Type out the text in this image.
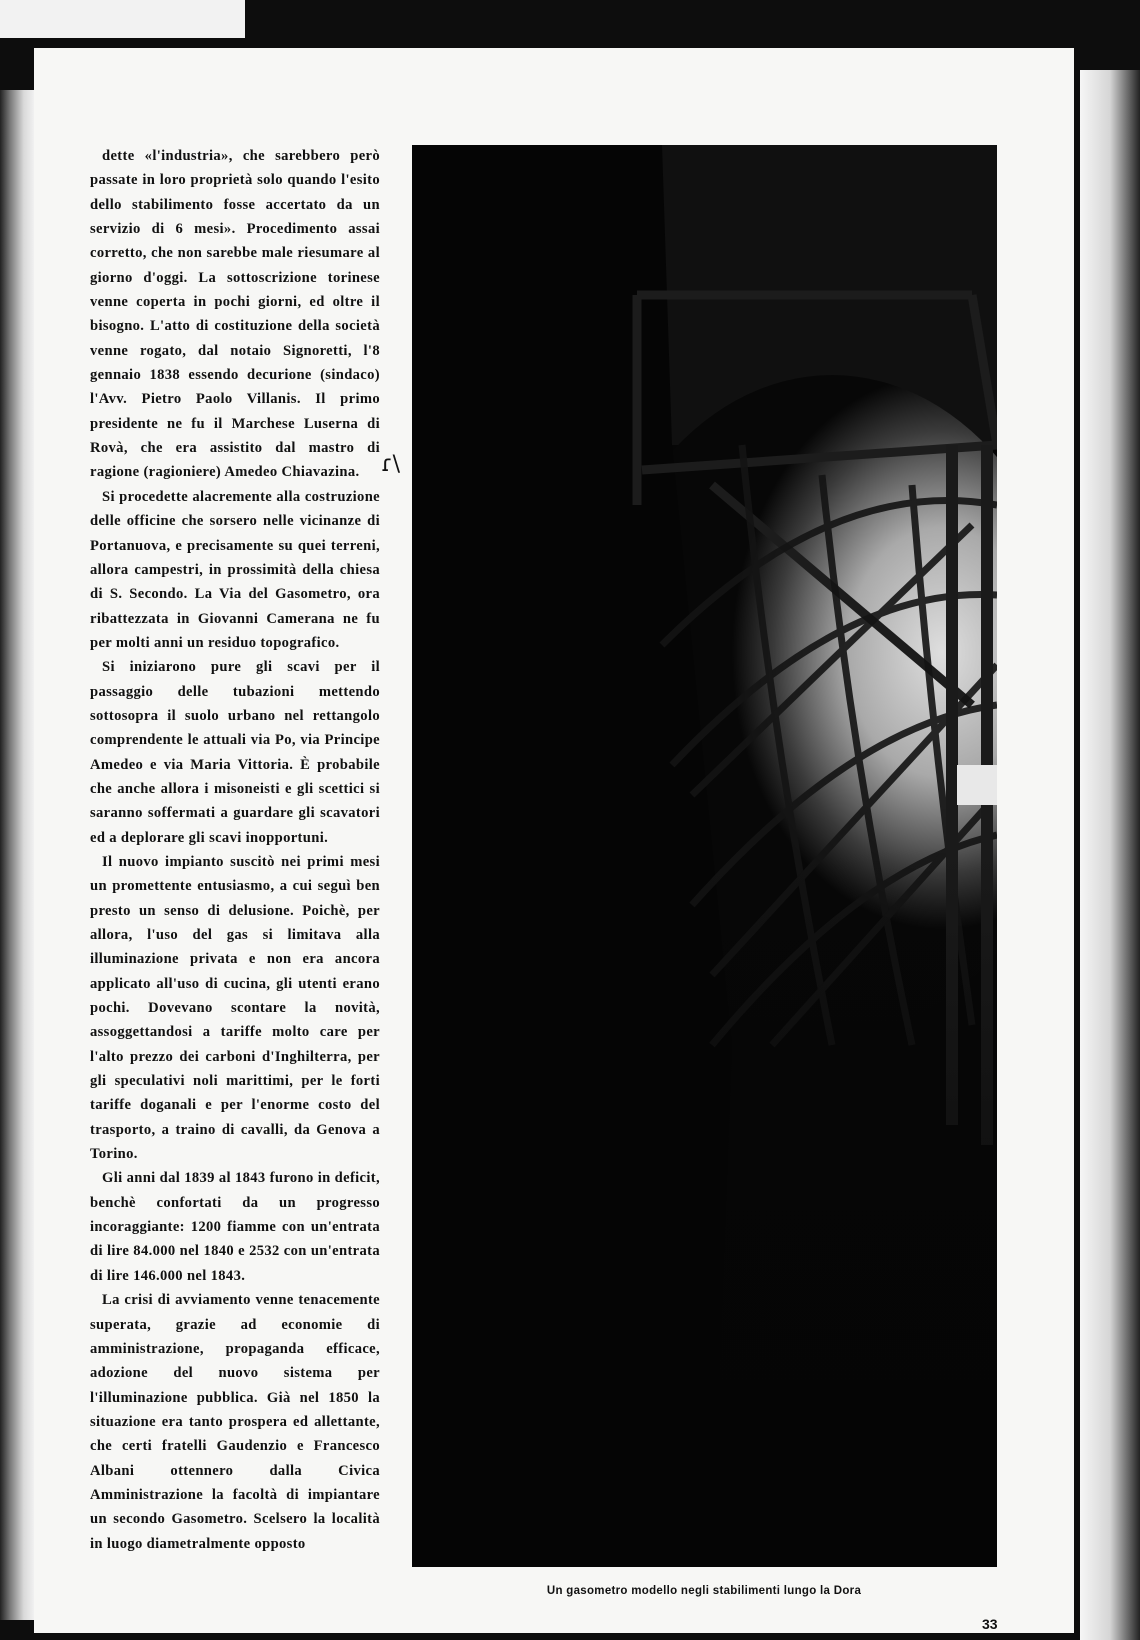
dette «l'industria», che sarebbero però passate in loro proprietà solo quando l'esito dello stabilimento fosse accertato da un servizio di 6 mesi». Procedimento assai corretto, che non sarebbe male riesumare al giorno d'oggi. La sottoscrizione torinese venne coperta in pochi giorni, ed oltre il bisogno. L'atto di costituzione della società venne rogato, dal notaio Signoretti, l'8 gennaio 1838 essendo decurione (sindaco) l'Avv. Pietro Paolo Villanis. Il primo presidente ne fu il Marchese Luserna di Rovà, che era assistito dal mastro di ragione (ragioniere) Amedeo Chiavazina.

Si procedette alacremente alla costruzione delle officine che sorsero nelle vicinanze di Portanuova, e precisamente su quei terreni, allora campestri, in prossimità della chiesa di S. Secondo. La Via del Gasometro, ora ribattezzata in Giovanni Camerana ne fu per molti anni un residuo topografico.

Si iniziarono pure gli scavi per il passaggio delle tubazioni mettendo sottosopra il suolo urbano nel rettangolo comprendente le attuali via Po, via Principe Amedeo e via Maria Vittoria. È probabile che anche allora i misoneisti e gli scettici si saranno soffermati a guardare gli scavatori ed a deplorare gli scavi inopportuni.

Il nuovo impianto suscitò nei primi mesi un promettente entusiasmo, a cui seguì ben presto un senso di delusione. Poichè, per allora, l'uso del gas si limitava alla illuminazione privata e non era ancora applicato all'uso di cucina, gli utenti erano pochi. Dovevano scontare la novità, assoggettandosi a tariffe molto care per l'alto prezzo dei carboni d'Inghilterra, per gli speculativi noli marittimi, per le forti tariffe doganali e per l'enorme costo del trasporto, a traino di cavalli, da Genova a Torino.

Gli anni dal 1839 al 1843 furono in deficit, benchè confortati da un progresso incoraggiante: 1200 fiamme con un'entrata di lire 84.000 nel 1840 e 2532 con un'entrata di lire 146.000 nel 1843.

La crisi di avviamento venne tenacemente superata, grazie ad economie di amministrazione, propaganda efficace, adozione del nuovo sistema per l'illuminazione pubblica. Già nel 1850 la situazione era tanto prospera ed allettante, che certi fratelli Gaudenzio e Francesco Albani ottennero dalla Civica Amministrazione la facoltà di impiantare un secondo Gasometro. Scelsero la località in luogo diametralmente opposto

ɾ\
Un gasometro modello negli stabilimenti lungo la Dora
33
